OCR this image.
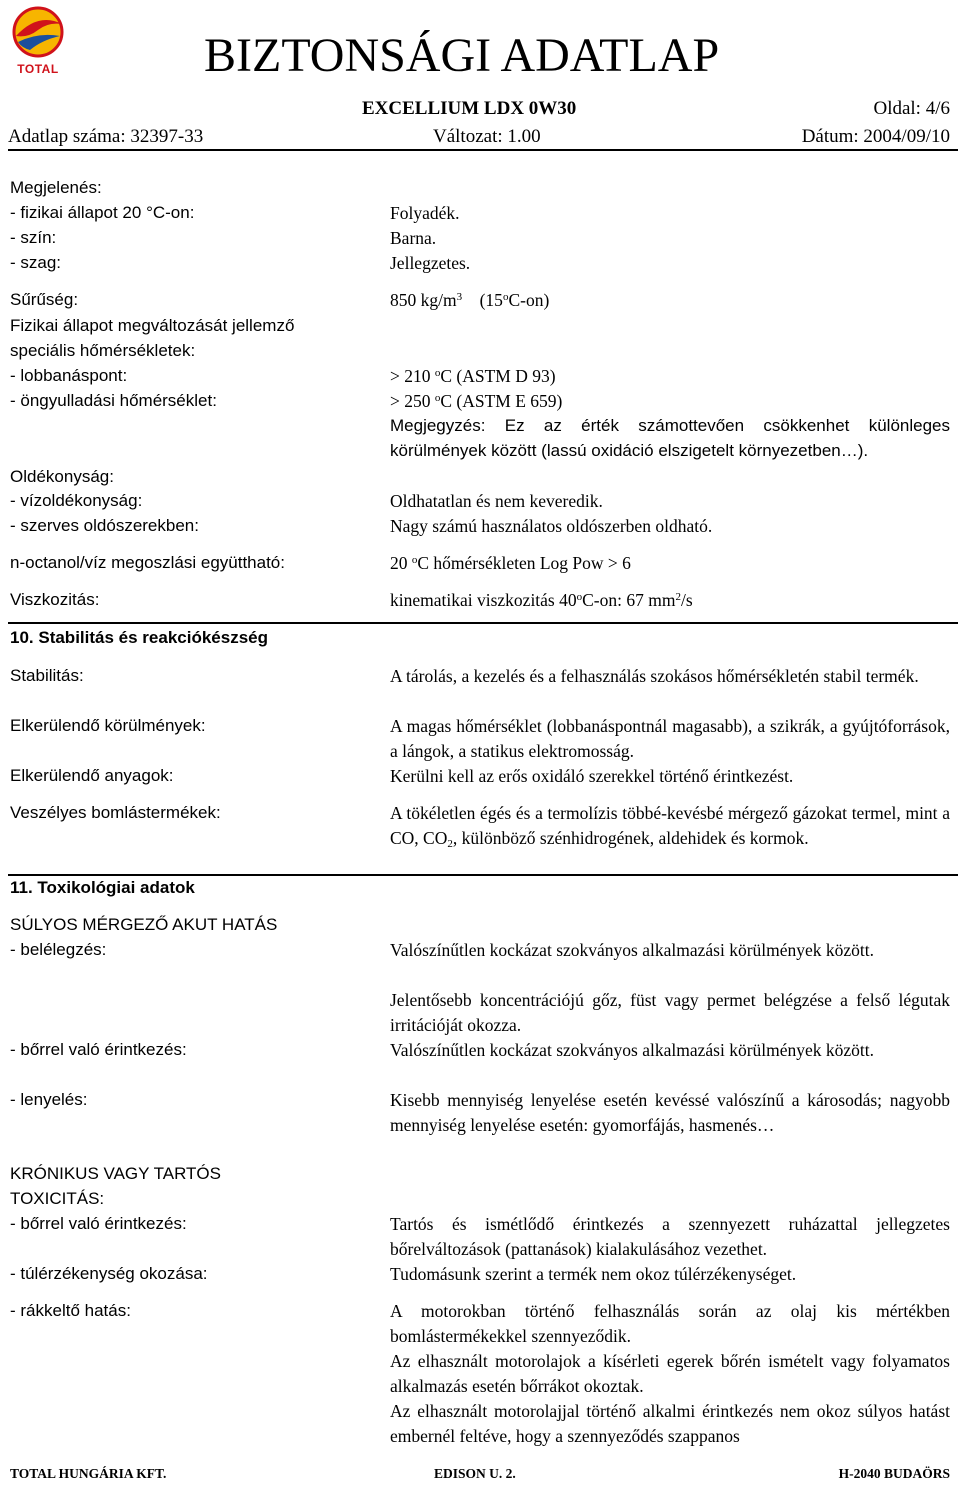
TOTAL	BIZTONSÁGI ADATLAP
EXCELLIUM LDX 0W30	Oldal: 4/6
Adatlap száma: 32397-33	Változat: 1.00	Dátum: 2004/09/10
Megjelenés:
- fizikai állapot 20 °C-on:	Folyadék.
- szín:	Barna.
- szag:	Jellegzetes.
Sűrűség:	850 $kg/m^3$ (15$^o$C-on)
Fizikai állapot megváltozását jellemző
speciális hőmérsékletek:
- lobbanáspont:	> 210 $^o$C (ASTM D 93)
- öngyulladási hőmérséklet:	> 250 $^o$C (ASTM E 659)
Megjegyzés: Ez az érték számottevően csökkenhet különleges körülmények között (lassú oxidáció elszigetelt környezetben…).
Oldékonyság:
- vízoldékonyság:	Oldhatatlan és nem keveredik.
- szerves oldószerekben:	Nagy számú használatos oldószerben oldható.
n-octanol/víz megoszlási együttható:	20 $^o$C hőmérsékleten Log Pow > 6
Viszkozitás:	kinematikai viszkozitás 40$^o$C-on: 67 $mm^2/s$
10. Stabilitás és reakciókészség
Stabilitás:	A tárolás, a kezelés és a felhasználás szokásos hőmérsékletén stabil termék.
Elkerülendő körülmények:	A magas hőmérséklet (lobbanáspontnál magasabb), a szikrák, a gyújtóforrások, a lángok, a statikus elektromosság.
Elkerülendő anyagok:	Kerülni kell az erős oxidáló szerekkel történő érintkezést.
Veszélyes bomlástermékek:	A tökéletlen égés és a termolízis többé-kevésbé mérgező gázokat termel, mint a CO, $CO_2$, különböző szénhidrogének, aldehidek és kormok.
11. Toxikológiai adatok
SÚLYOS MÉRGEZŐ AKUT HATÁS
- belélegzés:	Valószínűtlen kockázat szokványos alkalmazási körülmények között.
Jelentősebb koncentrációjú gőz, füst vagy permet belégzése a felső légutak irritációját okozza.
- bőrrel való érintkezés:	Valószínűtlen kockázat szokványos alkalmazási körülmények között.
- lenyelés:	Kisebb mennyiség lenyelése esetén kevéssé valószínű a károsodás; nagyobb mennyiség lenyelése esetén: gyomorfájás, hasmenés…
KRÓNIKUS VAGY TARTÓS
TOXICITÁS:
- bőrrel való érintkezés:	Tartós és ismétlődő érintkezés a szennyezett ruházattal jellegzetes bőrelváltozások (pattanások) kialakulásához vezethet.
- túlérzékenység okozása:	Tudomásunk szerint a termék nem okoz túlérzékenységet.
- rákkeltő hatás:	A motorokban történő felhasználás során az olaj kis mértékben bomlástermékekkel szennyeződik.
Az elhasznált motorolajok a kísérleti egerek bőrén ismételt vagy folyamatos alkalmazás esetén bőrrákot okoztak.
Az elhasznált motorolajjal történő alkalmi érintkezés nem okoz súlyos hatást embernél feltéve, hogy a szennyeződés szappanos
TOTAL HUNGÁRIA KFT.	EDISON U. 2.	H-2040 BUDAÖRS
